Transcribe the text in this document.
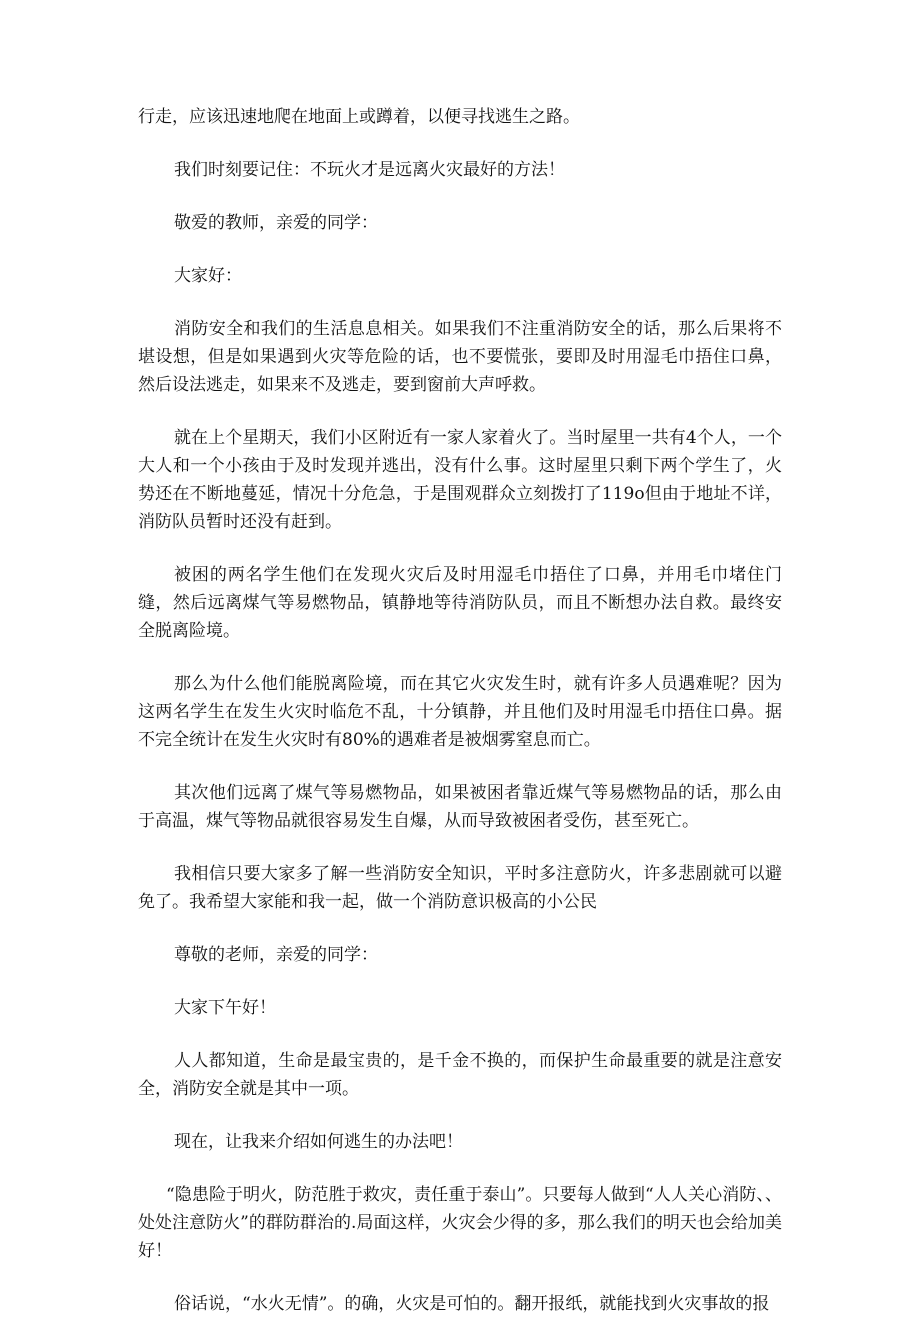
行走，应该迅速地爬在地面上或蹲着，以便寻找逃生之路。

我们时刻要记住：不玩火才是远离火灾最好的方法！

敬爱的教师，亲爱的同学：

大家好：

消防安全和我们的生活息息相关。如果我们不注重消防安全的话，那么后果将不堪设想，但是如果遇到火灾等危险的话，也不要慌张，要即及时用湿毛巾捂住口鼻，然后设法逃走，如果来不及逃走，要到窗前大声呼救。

就在上个星期天，我们小区附近有一家人家着火了。当时屋里一共有4个人，一个大人和一个小孩由于及时发现并逃出，没有什么事。这时屋里只剩下两个学生了，火势还在不断地蔓延，情况十分危急，于是围观群众立刻拨打了119o但由于地址不详，消防队员暂时还没有赶到。

被困的两名学生他们在发现火灾后及时用湿毛巾捂住了口鼻，并用毛巾堵住门缝，然后远离煤气等易燃物品，镇静地等待消防队员，而且不断想办法自救。最终安全脱离险境。

那么为什么他们能脱离险境，而在其它火灾发生时，就有许多人员遇难呢？因为这两名学生在发生火灾时临危不乱，十分镇静，并且他们及时用湿毛巾捂住口鼻。据不完全统计在发生火灾时有80%的遇难者是被烟雾窒息而亡。

其次他们远离了煤气等易燃物品，如果被困者靠近煤气等易燃物品的话，那么由于高温，煤气等物品就很容易发生自爆，从而导致被困者受伤，甚至死亡。

我相信只要大家多了解一些消防安全知识，平时多注意防火，许多悲剧就可以避免了。我希望大家能和我一起，做一个消防意识极高的小公民

尊敬的老师，亲爱的同学：

大家下午好！

人人都知道，生命是最宝贵的，是千金不换的，而保护生命最重要的就是注意安全，消防安全就是其中一项。

现在，让我来介绍如何逃生的办法吧！

“隐患险于明火，防范胜于救灾，责任重于泰山”。只要每人做到“人人关心消防、、处处注意防火”的群防群治的.局面这样，火灾会少得的多，那么我们的明天也会给加美好！

俗话说，“水火无情”。的确，火灾是可怕的。翻开报纸，就能找到火灾事故的报
